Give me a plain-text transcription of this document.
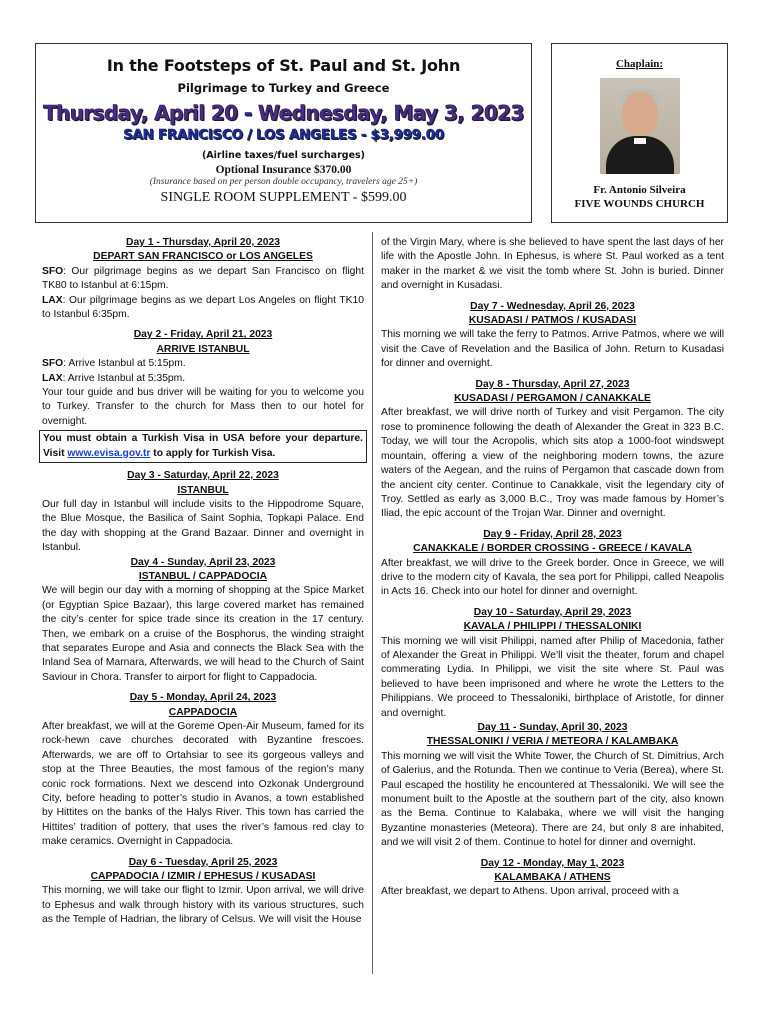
In the Footsteps of St. Paul and St. John
Pilgrimage to Turkey and Greece
Thursday, April 20 - Wednesday, May 3, 2023
SAN FRANCISCO / LOS ANGELES - $3,999.00
(Airline taxes/fuel surcharges)
Optional Insurance $370.00
(Insurance based on per person double occupancy, travelers age 25+)
SINGLE ROOM SUPPLEMENT - $599.00
Chaplain:
Fr. Antonio Silveira
FIVE WOUNDS CHURCH
Day 1 - Thursday, April 20, 2023
DEPART SAN FRANCISCO or LOS ANGELES

SFO: Our pilgrimage begins as we depart San Francisco on flight TK80 to Istanbul at 6:15pm.

LAX: Our pilgrimage begins as we depart Los Angeles on flight TK10 to Istanbul 6:35pm.

Day 2 - Friday, April 21, 2023
ARRIVE ISTANBUL

SFO: Arrive Istanbul at 5:15pm.

LAX: Arrive Istanbul at 5:35pm.

Your tour guide and bus driver will be waiting for you to welcome you to Turkey. Transfer to the church for Mass then to our hotel for overnight.

You must obtain a Turkish Visa in USA before your departure. Visit www.evisa.gov.tr to apply for Turkish Visa.
Day 3 - Saturday, April 22, 2023
ISTANBUL

Our full day in Istanbul will include visits to the Hippodrome Square, the Blue Mosque, the Basilica of Saint Sophia, Topkapi Palace. End the day with shopping at the Grand Bazaar. Dinner and overnight in Istanbul.

Day 4 - Sunday, April 23, 2023
ISTANBUL / CAPPADOCIA

We will begin our day with a morning of shopping at the Spice Market (or Egyptian Spice Bazaar), this large covered market has remained the city’s center for spice trade since its creation in the 17 century. Then, we embark on a cruise of the Bosphorus, the winding straight that separates Europe and Asia and connects the Black Sea with the Inland Sea of Marnara, Afterwards, we will head to the Church of Saint Saviour in Chora. Transfer to airport for flight to Cappadocia.

Day 5 - Monday, April 24, 2023
CAPPADOCIA

After breakfast, we will at the Goreme Open-Air Museum, famed for its rock-hewn cave churches decorated with Byzantine frescoes. Afterwards, we are off to Ortahsiar to see its gorgeous valleys and stop at the Three Beauties, the most famous of the region’s many conic rock formations. Next we descend into Ozkonak Underground City, before heading to potter’s studio in Avanos, a town established by Hittites on the banks of the Halys River. This town has carried the Hittites’ tradition of pottery, that uses the river’s famous red clay to make ceramics. Overnight in Cappadocia.

Day 6 - Tuesday, April 25, 2023
CAPPADOCIA / IZMIR / EPHESUS / KUSADASI

This morning, we will take our flight to Izmir. Upon arrival, we will drive to Ephesus and walk through history with its various structures, such as the Temple of Hadrian, the library of Celsus. We will visit the House

of the Virgin Mary, where is she believed to have spent the last days of her life with the Apostle John. In Ephesus, is where St. Paul worked as a tent maker in the market & we visit the tomb where St. John is buried. Dinner and overnight in Kusadasi.

Day 7 - Wednesday, April 26, 2023
KUSADASI / PATMOS / KUSADASI

This morning we will take the ferry to Patmos. Arrive Patmos, where we will visit the Cave of Revelation and the Basilica of John. Return to Kusadasi for dinner and overnight.

Day 8 - Thursday, April 27, 2023
KUSADASI / PERGAMON / CANAKKALE

After breakfast, we will drive north of Turkey and visit Pergamon. The city rose to prominence following the death of Alexander the Great in 323 B.C. Today, we will tour the Acropolis, which sits atop a 1000-foot windswept mountain, offering a view of the neighboring modern towns, the azure waters of the Aegean, and the ruins of Pergamon that cascade down from the ancient city center. Continue to Canakkale, visit the legendary city of Troy. Settled as early as 3,000 B.C., Troy was made famous by Homer’s Iliad, the epic account of the Trojan War. Dinner and overnight.

Day 9 - Friday, April 28, 2023
CANAKKALE / BORDER CROSSING - GREECE / KAVALA

After breakfast, we will drive to the Greek border. Once in Greece, we will drive to the modern city of Kavala, the sea port for Philippi, called Neapolis in Acts 16. Check into our hotel for dinner and overnight.

Day 10 - Saturday, April 29, 2023
KAVALA / PHILIPPI / THESSALONIKI

This morning we will visit Philippi, named after Philip of Macedonia, father of Alexander the Great in Philippi. We’ll visit the theater, forum and chapel commerating Lydia. In Philippi, we visit the site where St. Paul was believed to have been imprisoned and where he wrote the Letters to the Philippians. We proceed to Thessaloniki, birthplace of Aristotle, for dinner and overnight.

Day 11 - Sunday, April 30, 2023
THESSALONIKI / VERIA / METEORA / KALAMBAKA

This morning we will visit the White Tower, the Church of St. Dimitrius, Arch of Galerius, and the Rotunda. Then we continue to Veria (Berea), where St. Paul escaped the hostility he encountered at Thessaloniki. We will see the monument built to the Apostle at the southern part of the city, also known as the Bema. Continue to Kalabaka, where we will visit the hanging Byzantine monasteries (Meteora). There are 24, but only 8 are inhabited, and we will visit 2 of them. Continue to hotel for dinner and overnight.

Day 12 - Monday, May 1, 2023
KALAMBAKA / ATHENS

After breakfast, we depart to Athens. Upon arrival, proceed with a
